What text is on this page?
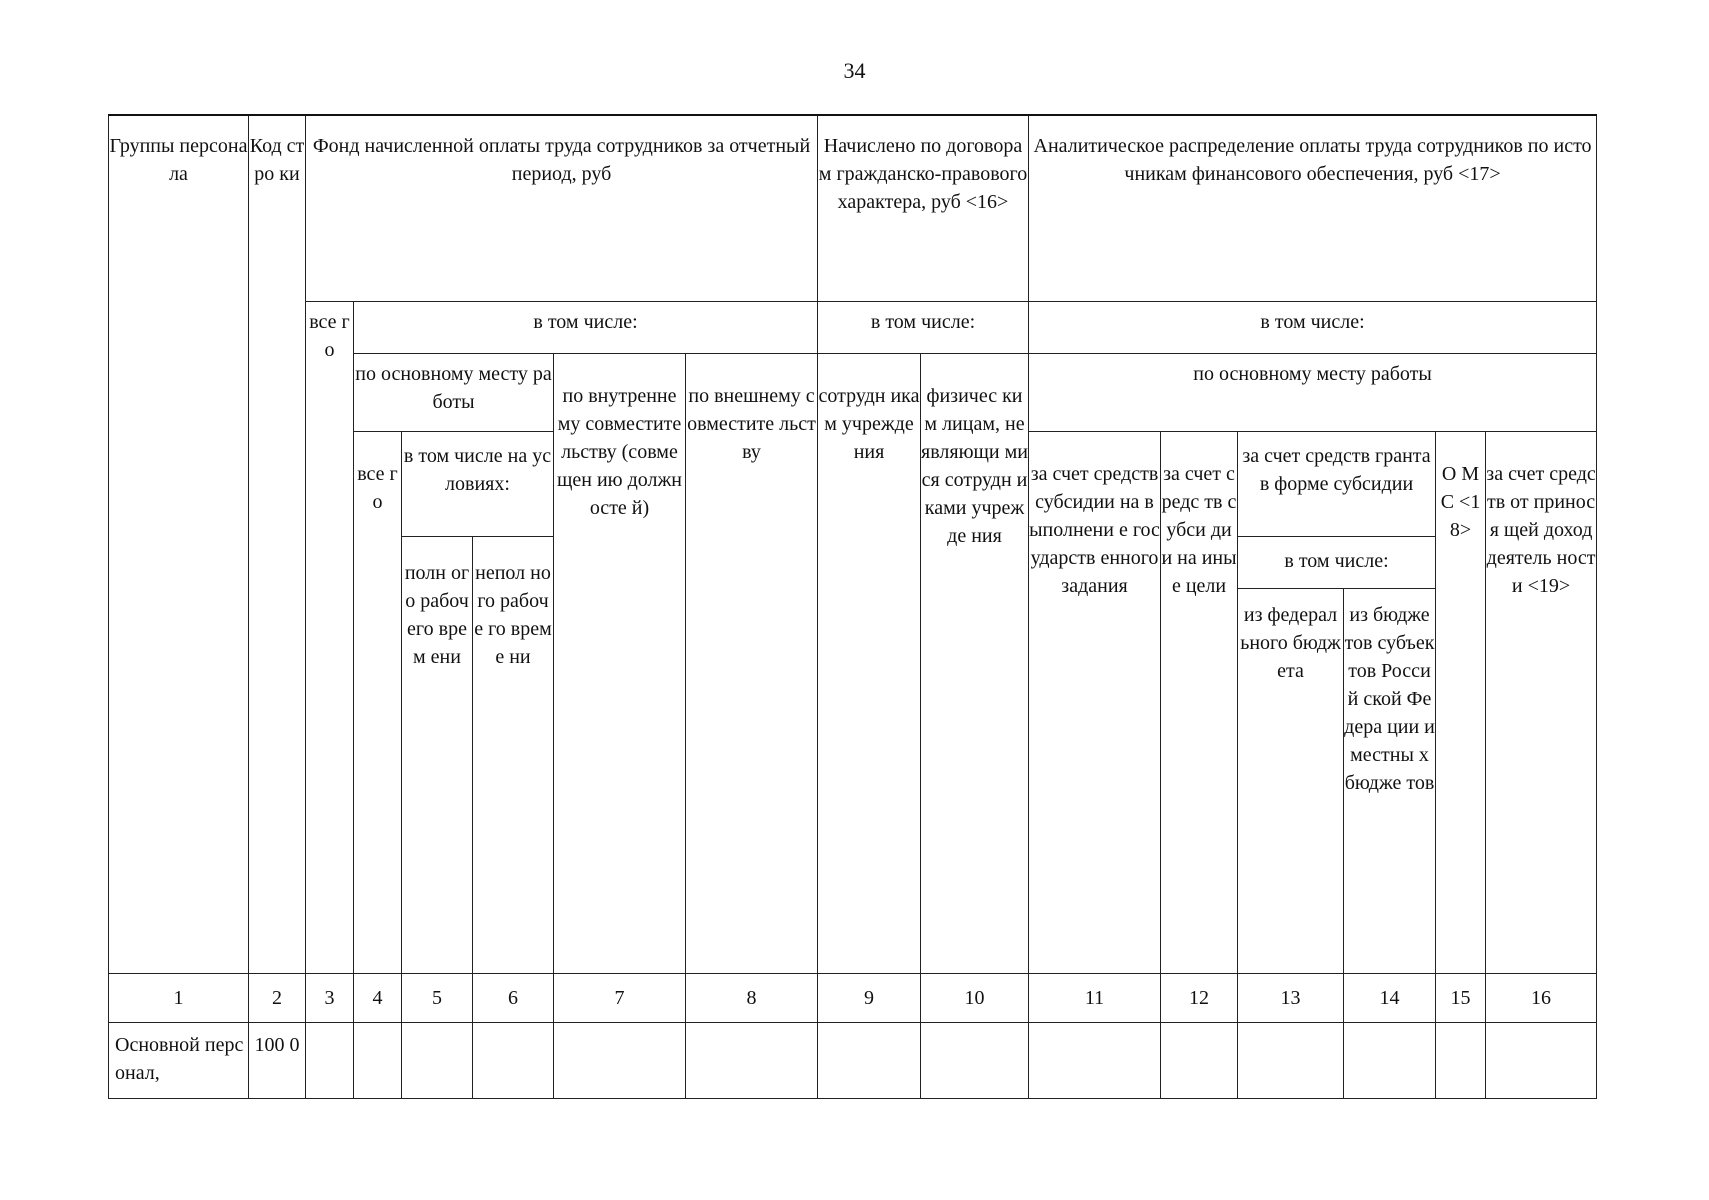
34
Группы персонала	Код стро ки	Фонд начисленной оплаты труда сотрудников за отчетный период, руб						Начислено по договорам гражданско-правового характера, руб <16>		Аналитическое распределение оплаты труда сотрудников по источникам финансового обеспечения, руб <17>					
		все го	в том числе:					в том числе:		в том числе:					
			по основному месту работы			по внутренне му совместите льству (совмещен ию должносте й)	по внешнему совместите льству	сотрудн икам учрежде ния	физичес ким лицам, не являющи мися сотрудн иками учрежде ния	по основному месту работы					
			все го	в том числе на условиях:						за счет средств субсидии на выполнени е государств енного задания	за счет средс тв субси дии на иные цели	за счет средств гранта в форме субсидии		О М С <1 8>	за счет средств от принося щей доход деятель ности <19>
				полн ого рабоч его врем ени	непол ного рабоче го време ни							в том числе:			
												из федерал ьного бюджета	из бюдже тов субъек тов Россий ской Федера ции и местны х бюдже тов		
1	2	3	4	5	6	7	8	9	10	11	12	13	14	15	16
Основной персонал,	100 0														
